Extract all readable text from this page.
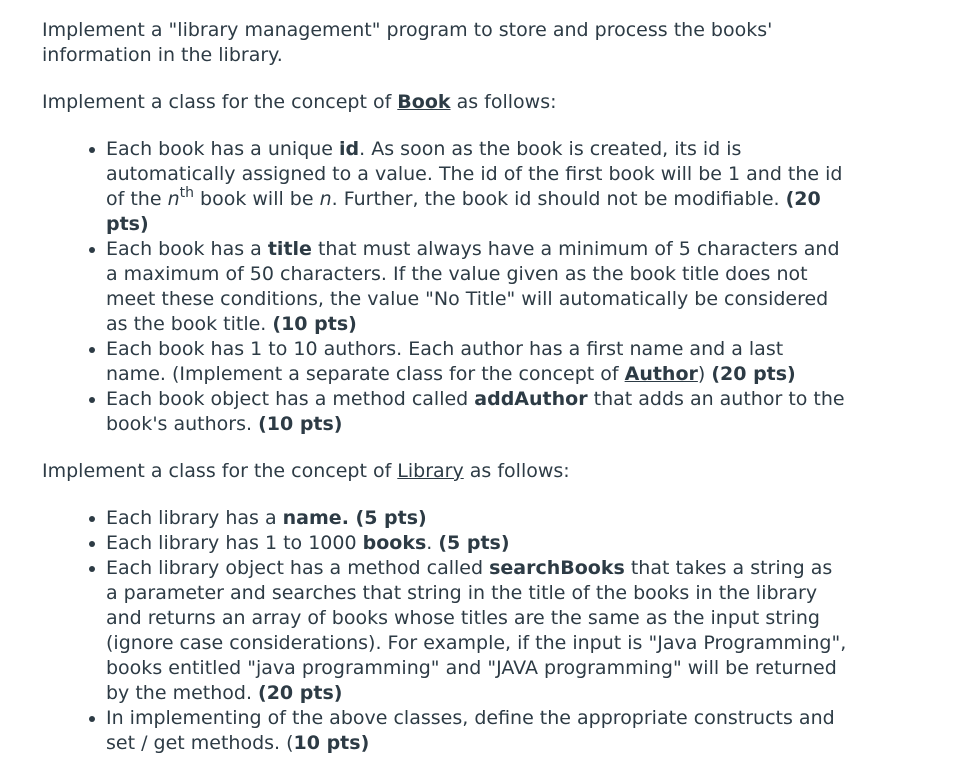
Implement a "library management" program to store and process the books' information in the library.

Implement a class for the concept of Book as follows:

Each book has a unique id. As soon as the book is created, its id is automatically assigned to a value. The id of the first book will be 1 and the id of the $n^{th}$ book will be n. Further, the book id should not be modifiable. (20 pts)
Each book has a title that must always have a minimum of 5 characters and a maximum of 50 characters. If the value given as the book title does not meet these conditions, the value "No Title" will automatically be considered as the book title. (10 pts)
Each book has 1 to 10 authors. Each author has a first name and a last name. (Implement a separate class for the concept of Author) (20 pts)
Each book object has a method called addAuthor that adds an author to the book's authors. (10 pts)

Implement a class for the concept of Library as follows:

Each library has a name. (5 pts)
Each library has 1 to 1000 books. (5 pts)
Each library object has a method called searchBooks that takes a string as a parameter and searches that string in the title of the books in the library and returns an array of books whose titles are the same as the input string (ignore case considerations). For example, if the input is "Java Programming", books entitled "java programming" and "JAVA programming" will be returned by the method. (20 pts)
In implementing of the above classes, define the appropriate constructs and set / get methods. (10 pts)
